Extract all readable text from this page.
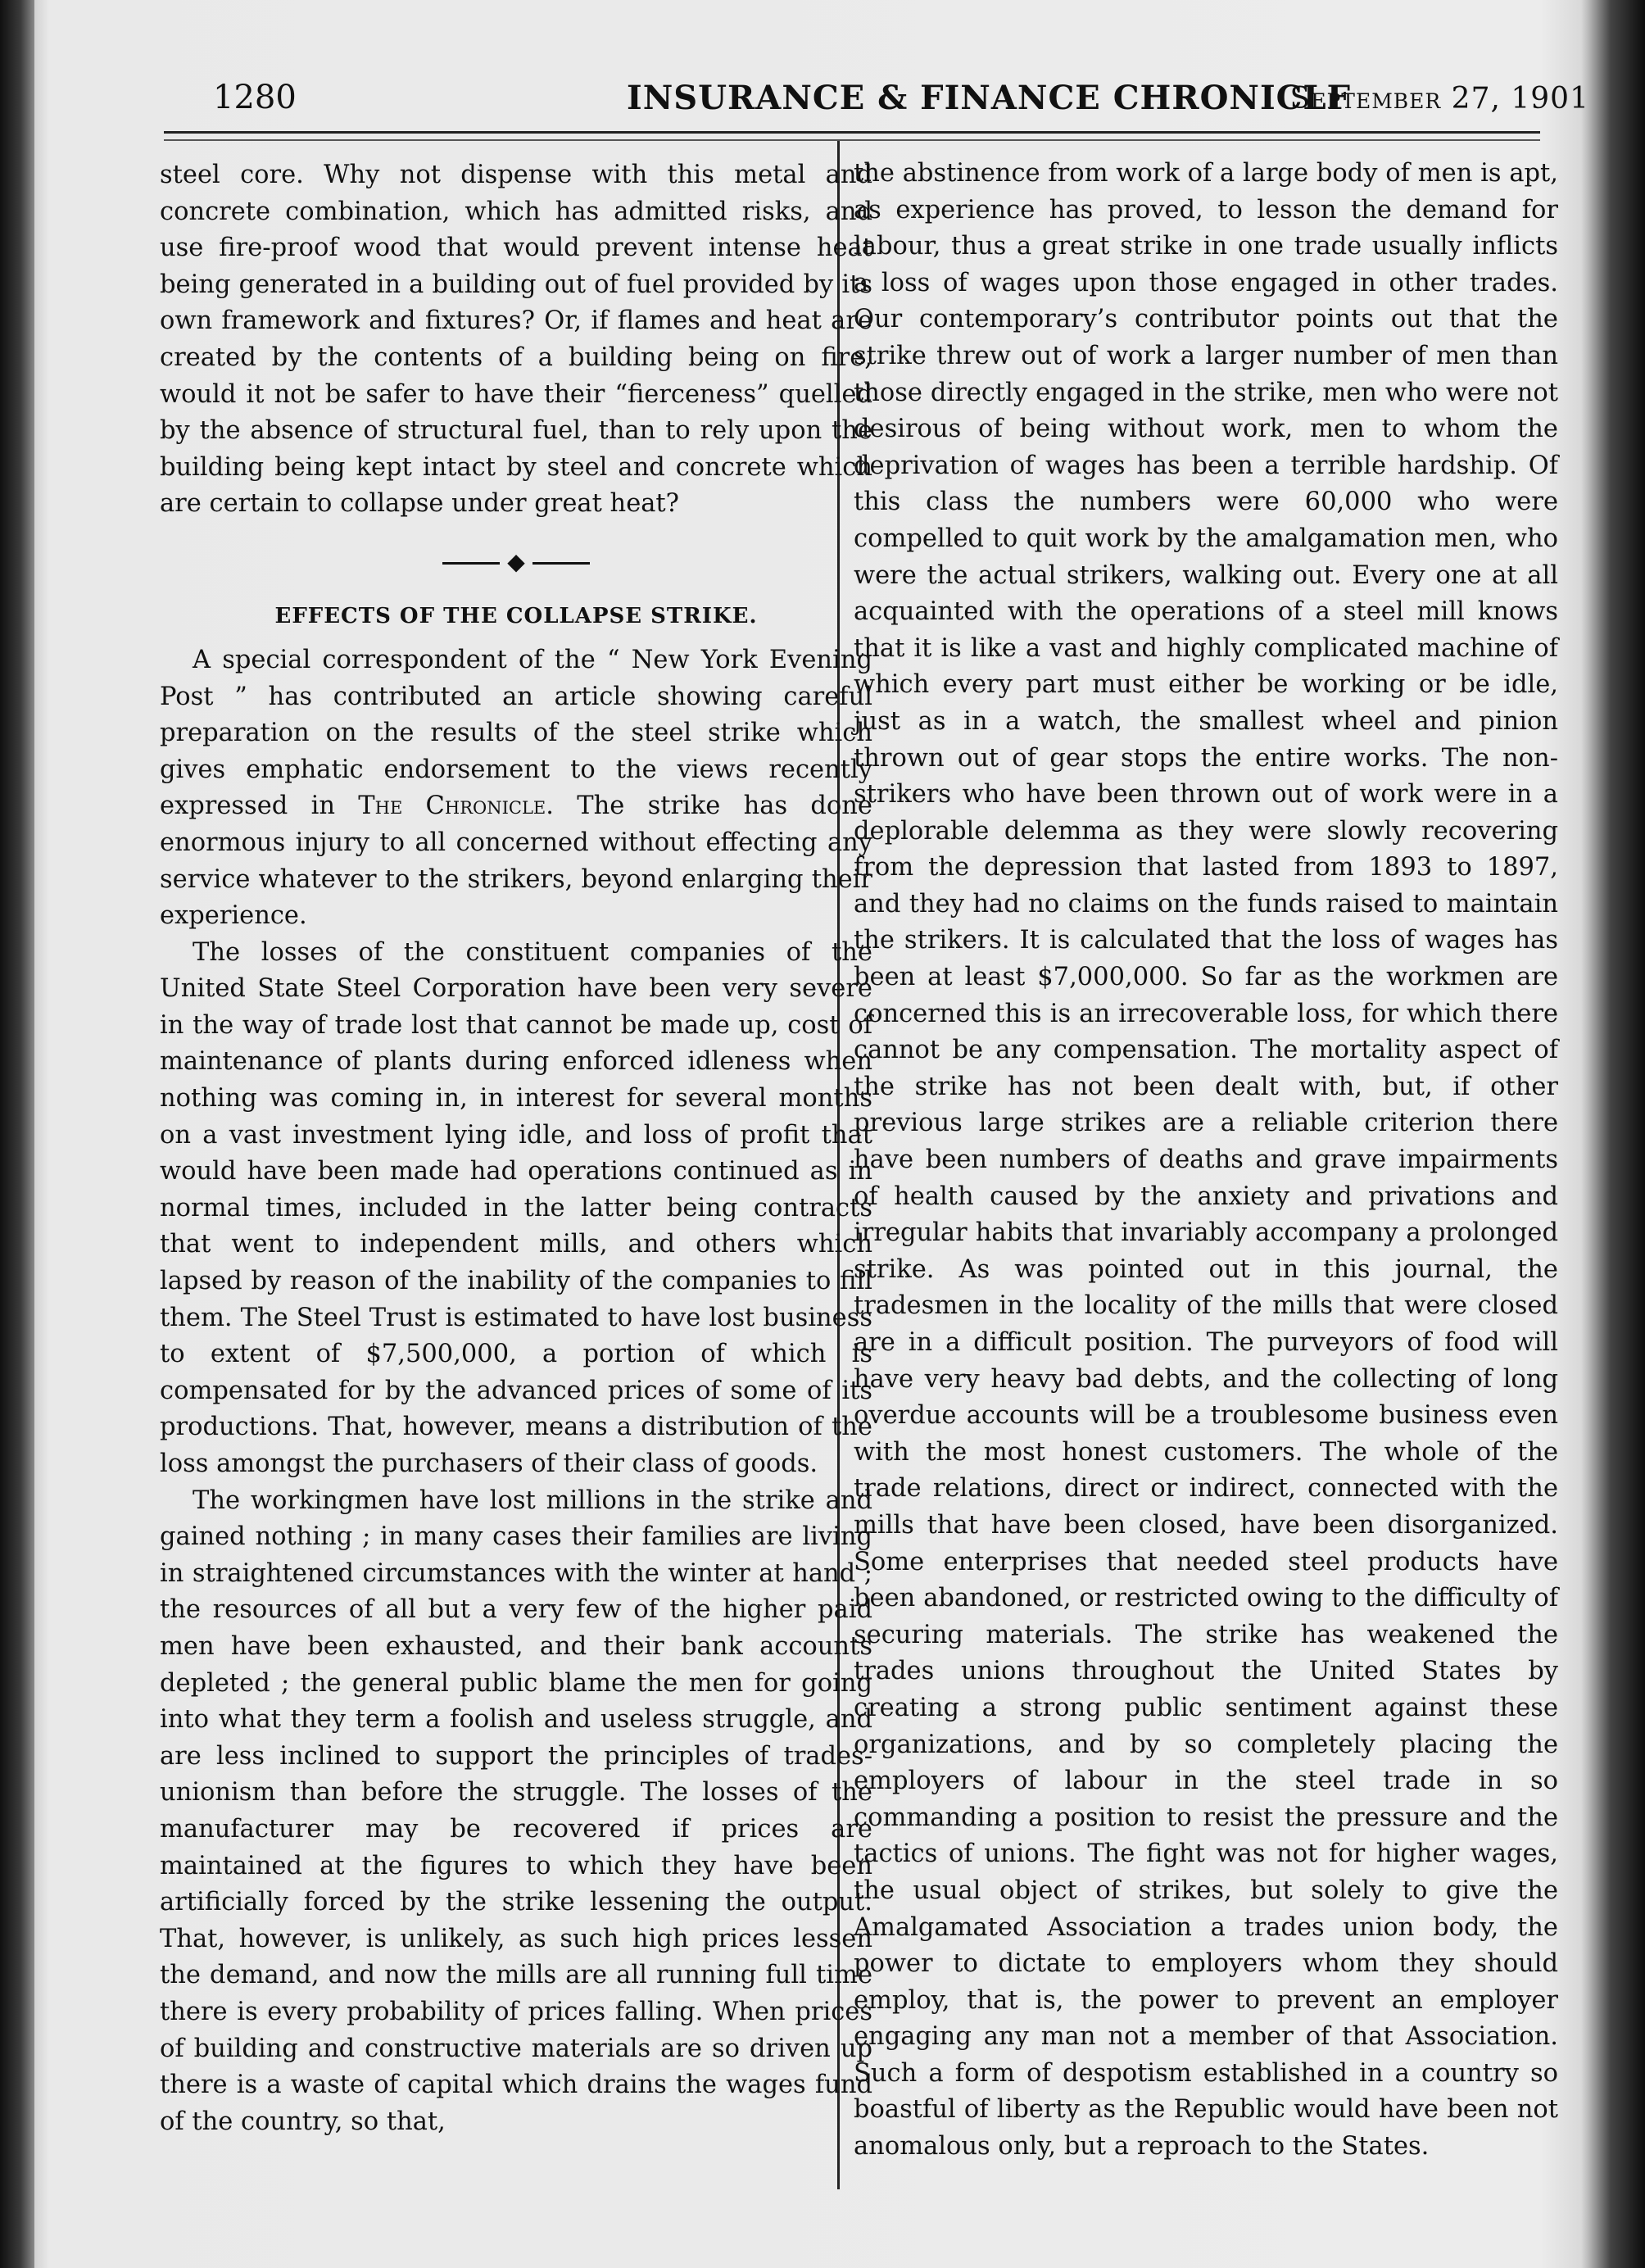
1280	INSURANCE & FINANCE CHRONICLF
September 27, 1901

steel core. Why not dispense with this metal and concrete combination, which has admitted risks, and use fire-proof wood that would prevent intense heat being generated in a building out of fuel provided by its own framework and fixtures? Or, if flames and heat are created by the contents of a building being on fire, would it not be safer to have their “fierceness” quelled by the absence of structural fuel, than to rely upon the building being kept intact by steel and concrete which are certain to collapse under great heat?

◆
EFFECTS OF THE COLLAPSE STRIKE.

A special correspondent of the “ New York Evening Post ” has contributed an article showing careful preparation on the results of the steel strike which gives emphatic endorsement to the views recently expressed in The Chronicle. The strike has done enormous injury to all concerned without effecting any service whatever to the strikers, beyond enlarging their experience.

The losses of the constituent companies of the United State Steel Corporation have been very severe in the way of trade lost that cannot be made up, cost of maintenance of plants during enforced idleness when nothing was coming in, in interest for several months on a vast investment lying idle, and loss of profit that would have been made had operations continued as in normal times, included in the latter being contracts that went to independent mills, and others which lapsed by reason of the inability of the companies to fill them. The Steel Trust is estimated to have lost business to extent of $7,500,000, a portion of which is compensated for by the advanced prices of some of its productions. That, however, means a distribution of the loss amongst the purchasers of their class of goods.

The workingmen have lost millions in the strike and gained nothing ; in many cases their families are living in straightened circumstances with the winter at hand ; the resources of all but a very few of the higher paid men have been exhausted, and their bank accounts depleted ; the general public blame the men for going into what they term a foolish and useless struggle, and are less inclined to support the principles of trades-unionism than before the struggle. The losses of the manufacturer may be recovered if prices are maintained at the figures to which they have been artificially forced by the strike lessening the output. That, however, is unlikely, as such high prices lessen the demand, and now the mills are all running full time there is every probability of prices falling. When prices of building and constructive materials are so driven up there is a waste of capital which drains the wages fund of the country, so that,

the abstinence from work of a large body of men is apt, as experience has proved, to lesson the demand for labour, thus a great strike in one trade usually inflicts a loss of wages upon those engaged in other trades. Our contemporary’s contributor points out that the strike threw out of work a larger number of men than those directly engaged in the strike, men who were not desirous of being without work, men to whom the deprivation of wages has been a terrible hardship. Of this class the numbers were 60,000 who were compelled to quit work by the amalgamation men, who were the actual strikers, walking out. Every one at all acquainted with the operations of a steel mill knows that it is like a vast and highly complicated machine of which every part must either be working or be idle, just as in a watch, the smallest wheel and pinion thrown out of gear stops the entire works. The non-strikers who have been thrown out of work were in a deplorable delemma as they were slowly recovering from the depression that lasted from 1893 to 1897, and they had no claims on the funds raised to maintain the strikers. It is calculated that the loss of wages has been at least $7,000,000. So far as the workmen are concerned this is an irrecoverable loss, for which there cannot be any compensation. The mortality aspect of the strike has not been dealt with, but, if other previous large strikes are a reliable criterion there have been numbers of deaths and grave impairments of health caused by the anxiety and privations and irregular habits that invariably accompany a prolonged strike. As was pointed out in this journal, the tradesmen in the locality of the mills that were closed are in a difficult position. The purveyors of food will have very heavy bad debts, and the collecting of long overdue accounts will be a troublesome business even with the most honest customers. The whole of the trade relations, direct or indirect, connected with the mills that have been closed, have been disorganized. Some enterprises that needed steel products have been abandoned, or restricted owing to the difficulty of securing materials. The strike has weakened the trades unions throughout the United States by creating a strong public sentiment against these organizations, and by so completely placing the employers of labour in the steel trade in so commanding a position to resist the pressure and the tactics of unions. The fight was not for higher wages, the usual object of strikes, but solely to give the Amalgamated Association a trades union body, the power to dictate to employers whom they should employ, that is, the power to prevent an employer engaging any man not a member of that Association. Such a form of despotism established in a country so boastful of liberty as the Republic would have been not anomalous only, but a reproach to the States.
